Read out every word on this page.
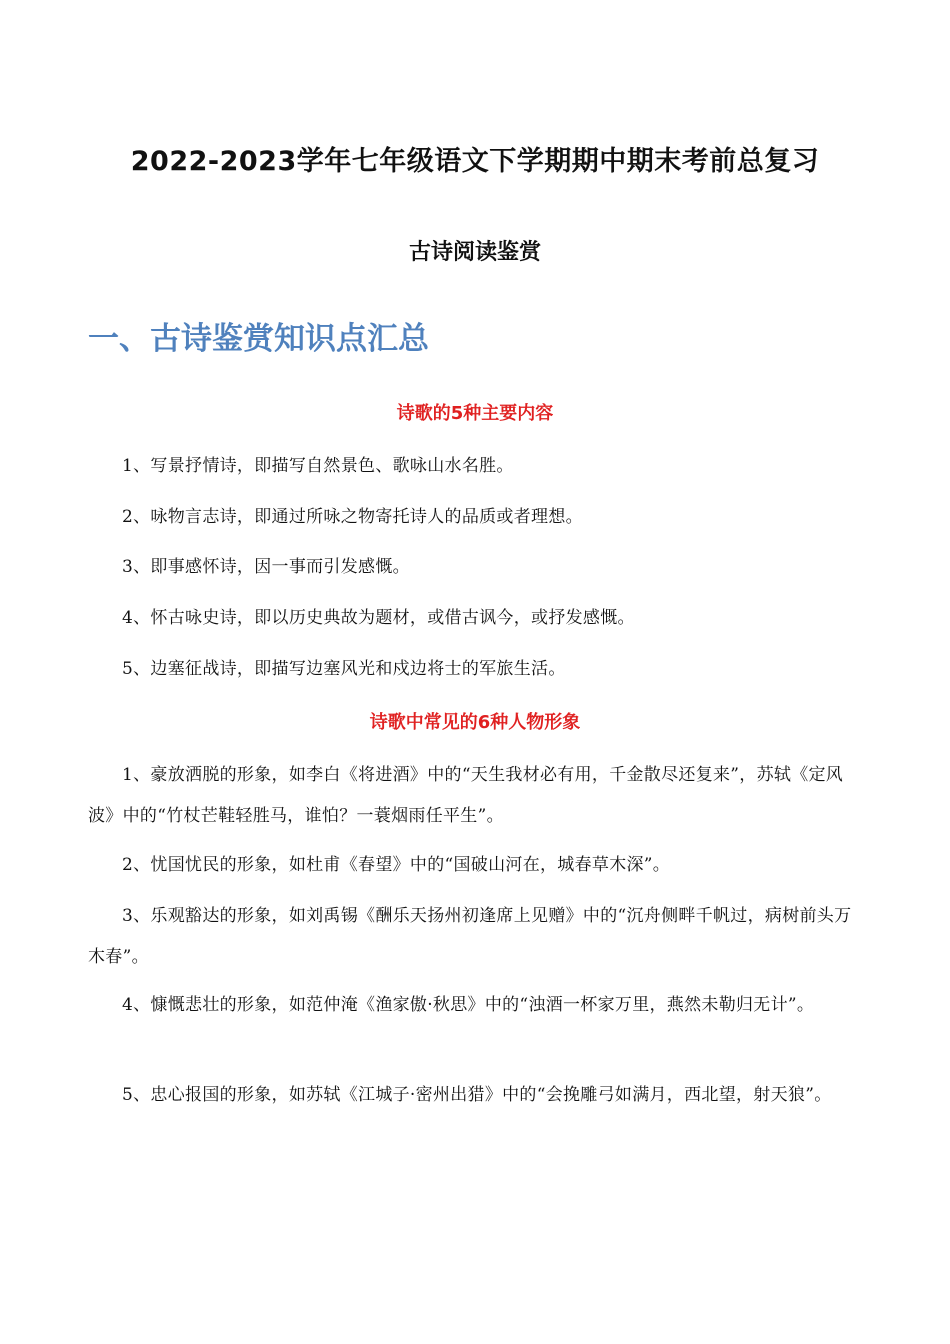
2022-2023学年七年级语文下学期期中期末考前总复习
古诗阅读鉴赏
一、古诗鉴赏知识点汇总
诗歌的5种主要内容

1、写景抒情诗，即描写自然景色、歌咏山水名胜。

2、咏物言志诗，即通过所咏之物寄托诗人的品质或者理想。

3、即事感怀诗，因一事而引发感慨。

4、怀古咏史诗，即以历史典故为题材，或借古讽今，或抒发感慨。

5、边塞征战诗，即描写边塞风光和戍边将士的军旅生活。

诗歌中常见的6种人物形象

1、豪放洒脱的形象，如李白《将进酒》中的“天生我材必有用，千金散尽还复来”，苏轼《定风波》中的“竹杖芒鞋轻胜马，谁怕？一蓑烟雨任平生”。

2、忧国忧民的形象，如杜甫《春望》中的“国破山河在，城春草木深”。

3、乐观豁达的形象，如刘禹锡《酬乐天扬州初逢席上见赠》中的“沉舟侧畔千帆过，病树前头万木春”。

4、慷慨悲壮的形象，如范仲淹《渔家傲·秋思》中的“浊酒一杯家万里，燕然未勒归无计”。

5、忠心报国的形象，如苏轼《江城子·密州出猎》中的“会挽雕弓如满月，西北望，射天狼”。
